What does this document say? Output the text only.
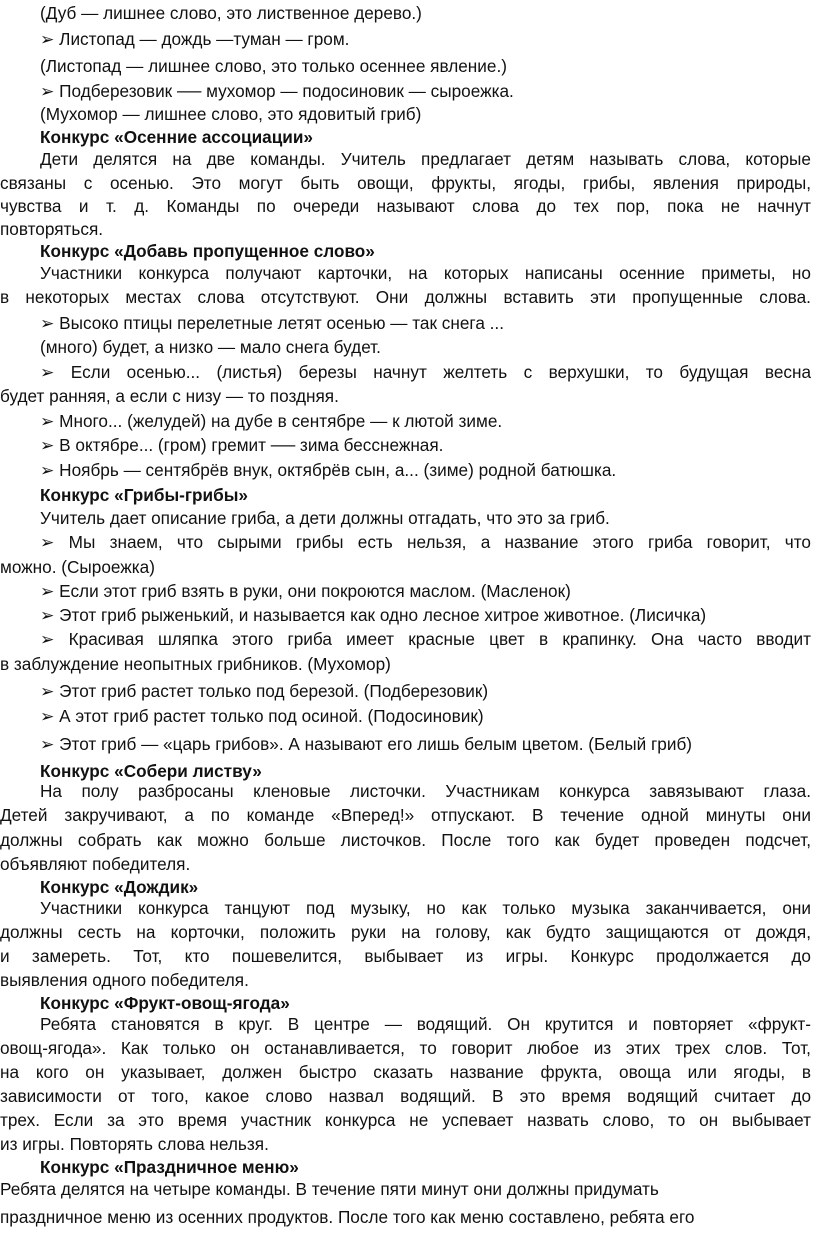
(Дуб — лишнее слово, это лиственное дерево.)
➢ Листопад — дождь —туман — гром.
(Листопад — лишнее слово, это только осеннее явление.)
➢ Подберезовик ── мухомор — подосиновик — сыроежка.
(Мухомор — лишнее слово, это ядовитый гриб)
Конкурс «Осенние ассоциации»
Дети делятся на две команды. Учитель предлагает детям называть слова, которые
связаны с осенью. Это могут быть овощи, фрукты, ягоды, грибы, явления природы,
чувства и т. д. Команды по очереди называют слова до тех пор, пока не начнут
повторяться.
Конкурс «Добавь пропущенное слово»
Участники конкурса получают карточки, на которых написаны осенние приметы, но
в некоторых местах слова отсутствуют. Они должны вставить эти пропущенные слова.
➢ Высоко птицы перелетные летят осенью — так снега ...
(много) будет, а низко — мало снега будет.
➢ Если осенью... (листья) березы начнут желтеть с верхушки, то будущая весна
будет ранняя, а если с низу — то поздняя.
➢ Много... (желудей) на дубе в сентябре — к лютой зиме.
➢ В октябре... (гром) гремит ── зима бесснежная.
➢ Ноябрь — сентябрёв внук, октябрёв сын, а... (зиме) родной батюшка.
Конкурс «Грибы-грибы»
Учитель дает описание гриба, а дети должны отгадать, что это за гриб.
➢ Мы знаем, что сырыми грибы есть нельзя, а название этого гриба говорит, что
можно. (Сыроежка)
➢ Если этот гриб взять в руки, они покроются маслом. (Масленок)
➢ Этот гриб рыженький, и называется как одно лесное хитрое животное. (Лисичка)
➢ Красивая шляпка этого гриба имеет красные цвет в крапинку. Она часто вводит
в заблуждение неопытных грибников. (Мухомор)
➢ Этот гриб растет только под березой. (Подберезовик)
➢ А этот гриб растет только под осиной. (Подосиновик)
➢ Этот гриб — «царь грибов». А называют его лишь белым цветом. (Белый гриб)
Конкурс «Собери листву»
На полу разбросаны кленовые листочки. Участникам конкурса завязывают глаза.
Детей закручивают, а по команде «Вперед!» отпускают. В течение одной минуты они
должны собрать как можно больше листочков. После того как будет проведен подсчет,
объявляют победителя.
Конкурс «Дождик»
Участники конкурса танцуют под музыку, но как только музыка заканчивается, они
должны сесть на корточки, положить руки на голову, как будто защищаются от дождя,
и замереть. Тот, кто пошевелится, выбывает из игры. Конкурс продолжается до
выявления одного победителя.
Конкурс «Фрукт-овощ-ягода»
Ребята становятся в круг. В центре — водящий. Он крутится и повторяет «фрукт-
овощ-ягода». Как только он останавливается, то говорит любое из этих трех слов. Тот,
на кого он указывает, должен быстро сказать название фрукта, овоща или ягоды, в
зависимости от того, какое слово назвал водящий. В это время водящий считает до
трех. Если за это время участник конкурса не успевает назвать слово, то он выбывает
из игры. Повторять слова нельзя.
Конкурс «Праздничное меню»
Ребята делятся на четыре команды. В течение пяти минут они должны придумать
праздничное меню из осенних продуктов. После того как меню составлено, ребята его
